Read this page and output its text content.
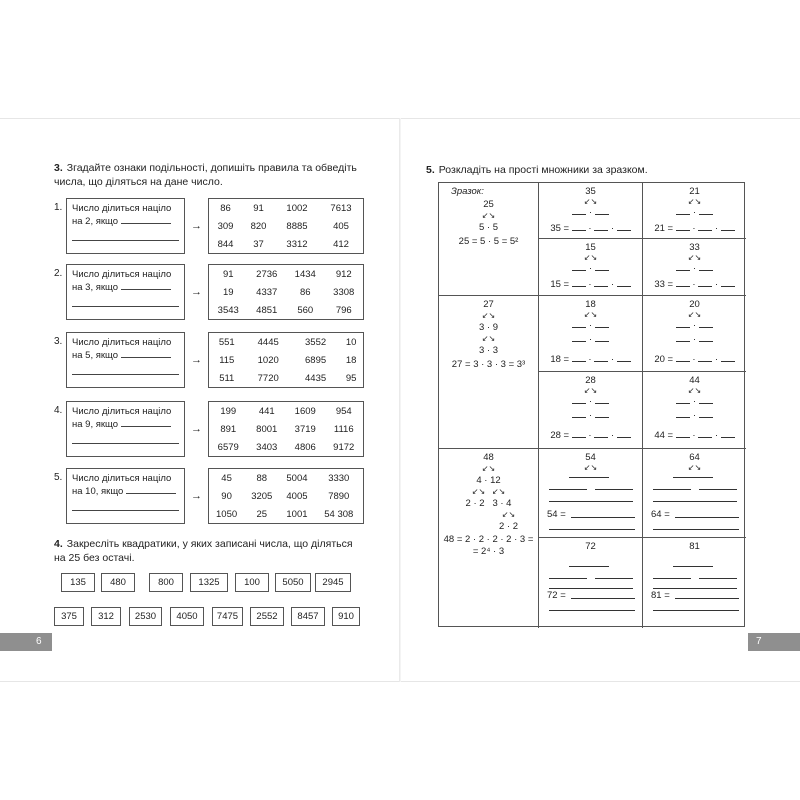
3. Згадайте ознаки подільності, допишіть правила та обведіть числа, що діляться на дане число.
1.	Число ділиться націло на 2, якщо	→
86	91	1002	7613
309	820	8885	405
844	37	3312	412
2.	Число ділиться націло на 3, якщо	→
91	2736	1434	912
19	4337	86	3308
3543	4851	560	796
3.	Число ділиться націло на 5, якщо	→
551	4445	3552	10
115	1020	6895	18
511	7720	4435	95
4.	Число ділиться націло на 9, якщо	→
199	441	1609	954
891	8001	3719	1116
6579	3403	4806	9172
5.	Число ділиться націло на 10, якщо	→
45	88	5004	3330
90	3205	4005	7890
1050	25	1001	54 308
4. Закресліть квадратики, у яких записані числа, що діляться на 25 без остачі.
135	480	800	1325	100	5050	2945
375	312	2530	4050	7475	2552	8457	910
6
5. Розкладіть на прості множники за зразком.
Зразок:
25
↙↘
5 · 5
25 = 5 · 5 = 5²
27
↙↘
3 · 9
↙↘
3 · 3
27 = 3 · 3 · 3 = 3³
48
↙↘
4 · 12
↙↘   ↙↘
2 · 2   3 · 4
↙↘
2 · 2
48 = 2 · 2 · 2 · 2 · 3 =
= 2⁴ · 3
35
↙↘
·
35 = · ·
21
↙↘
·
21 = · ·
15
↙↘
·
15 = · ·
33
↙↘
·
33 = · ·
18
↙↘
·
·
18 = · ·
20
↙↘
·
·
20 = · ·
28
↙↘
·
·
28 = · ·
44
↙↘
·
·
44 = · ·
54
↙↘
54 =
64
↙↘
64 =
72
72 =
81
81 =
7
